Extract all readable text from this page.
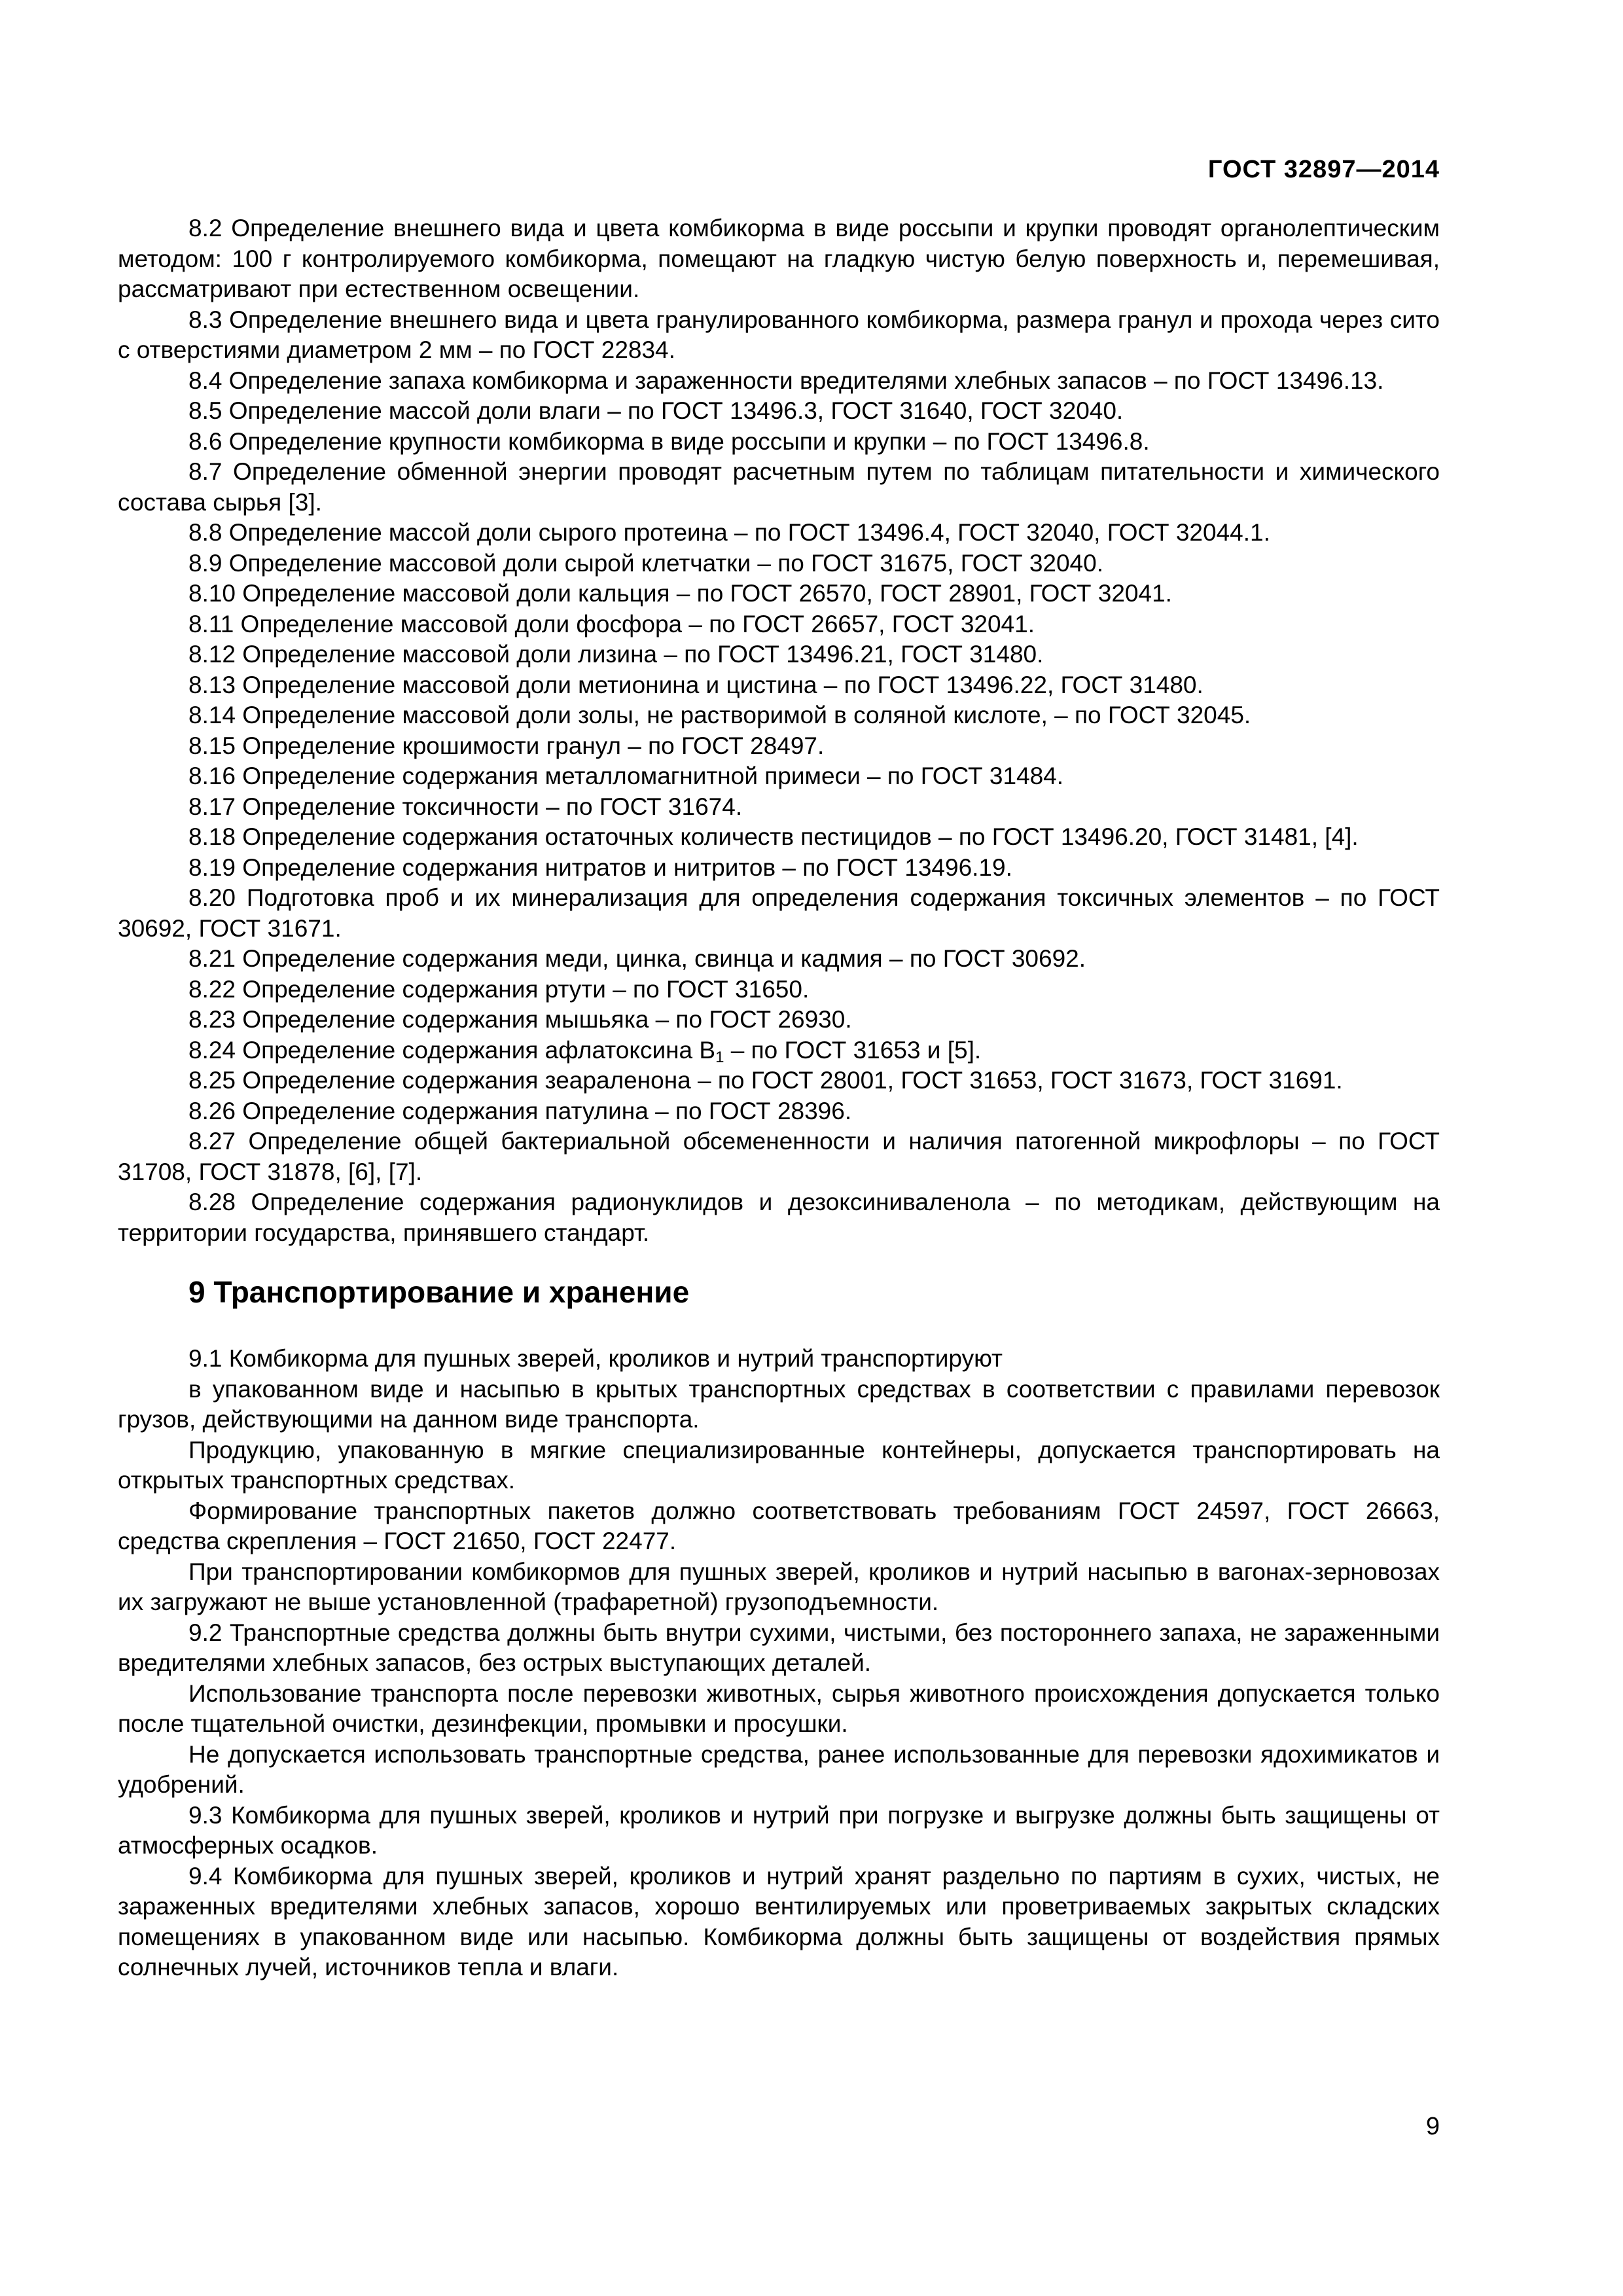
ГОСТ 32897—2014

8.2 Определение внешнего вида и цвета комбикорма в виде россыпи и крупки проводят органолептическим методом: 100 г контролируемого комбикорма, помещают на гладкую чистую белую поверхность и, перемешивая, рассматривают при естественном освещении.

8.3 Определение внешнего вида и цвета гранулированного комбикорма, размера гранул и прохода через сито с отверстиями диаметром 2 мм – по ГОСТ 22834.

8.4 Определение запаха комбикорма и зараженности вредителями хлебных запасов – по ГОСТ 13496.13.

8.5 Определение массой доли влаги – по ГОСТ 13496.3, ГОСТ 31640, ГОСТ 32040.

8.6 Определение крупности комбикорма в виде россыпи и крупки – по ГОСТ 13496.8.

8.7 Определение обменной энергии проводят расчетным путем по таблицам питательности и химического состава сырья [3].

8.8 Определение массой доли сырого протеина – по ГОСТ 13496.4, ГОСТ 32040, ГОСТ 32044.1.

8.9 Определение массовой доли сырой клетчатки – по ГОСТ 31675, ГОСТ 32040.

8.10 Определение массовой доли кальция – по ГОСТ 26570, ГОСТ 28901, ГОСТ 32041.

8.11 Определение массовой доли фосфора – по ГОСТ 26657, ГОСТ 32041.

8.12 Определение массовой доли лизина – по ГОСТ 13496.21, ГОСТ 31480.

8.13 Определение массовой доли метионина и цистина – по ГОСТ 13496.22, ГОСТ 31480.

8.14 Определение массовой доли золы, не растворимой в соляной кислоте, – по ГОСТ 32045.

8.15 Определение крошимости гранул – по ГОСТ 28497.

8.16 Определение содержания металломагнитной примеси – по ГОСТ 31484.

8.17 Определение токсичности – по ГОСТ 31674.

8.18 Определение содержания остаточных количеств пестицидов – по ГОСТ 13496.20, ГОСТ 31481, [4].

8.19 Определение содержания нитратов и нитритов – по ГОСТ 13496.19.

8.20 Подготовка проб и их минерализация для определения содержания токсичных элементов – по ГОСТ 30692, ГОСТ 31671.

8.21 Определение содержания меди, цинка, свинца и кадмия – по ГОСТ 30692.

8.22 Определение содержания ртути – по ГОСТ 31650.

8.23 Определение содержания мышьяка – по ГОСТ 26930.

8.24 Определение содержания афлатоксина $В_1$ – по ГОСТ 31653 и [5].

8.25 Определение содержания зеараленона – по ГОСТ 28001, ГОСТ 31653, ГОСТ 31673, ГОСТ 31691.

8.26 Определение содержания патулина – по ГОСТ 28396.

8.27 Определение общей бактериальной обсемененности и наличия патогенной микрофлоры – по ГОСТ 31708, ГОСТ 31878, [6], [7].

8.28 Определение содержания радионуклидов и дезоксиниваленола – по методикам, действующим на территории государства, принявшего стандарт.

9 Транспортирование и хранение

9.1 Комбикорма для пушных зверей, кроликов и нутрий транспортируют

в упакованном виде и насыпью в крытых транспортных средствах в соответствии с правилами перевозок грузов, действующими на данном виде транспорта.

Продукцию, упакованную в мягкие специализированные контейнеры, допускается транспортировать на открытых транспортных средствах.

Формирование транспортных пакетов должно соответствовать требованиям ГОСТ 24597, ГОСТ 26663, средства скрепления – ГОСТ 21650, ГОСТ 22477.

При транспортировании комбикормов для пушных зверей, кроликов и нутрий насыпью в вагонах-зерновозах их загружают не выше установленной (трафаретной) грузоподъемности.

9.2 Транспортные средства должны быть внутри сухими, чистыми, без постороннего запаха, не зараженными вредителями хлебных запасов, без острых выступающих деталей.

Использование транспорта после перевозки животных, сырья животного происхождения допускается только после тщательной очистки, дезинфекции, промывки и просушки.

Не допускается использовать транспортные средства, ранее использованные для перевозки ядохимикатов и удобрений.

9.3 Комбикорма для пушных зверей, кроликов и нутрий при погрузке и выгрузке должны быть защищены от атмосферных осадков.

9.4 Комбикорма для пушных зверей, кроликов и нутрий хранят раздельно по партиям в сухих, чистых, не зараженных вредителями хлебных запасов, хорошо вентилируемых или проветриваемых закрытых складских помещениях в упакованном виде или насыпью. Комбикорма должны быть защищены от воздействия прямых солнечных лучей, источников тепла и влаги.

9
